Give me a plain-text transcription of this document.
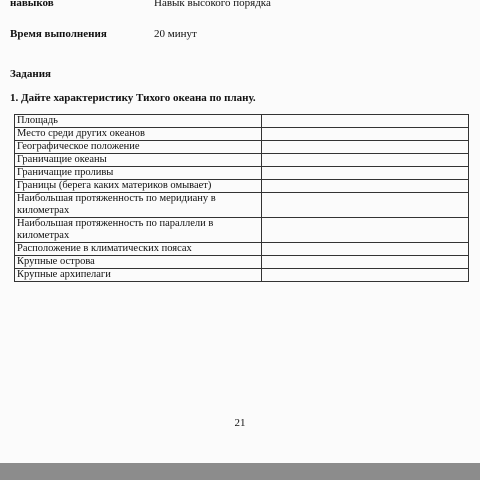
навыков	Навык высокого порядка
Время выполнения	20 минут
Задания
1. Дайте характеристику Тихого океана по плану.
Площадь	
Место среди других океанов	
Географическое положение	
Граничащие океаны	
Граничащие проливы	
Границы (берега каких материков омывает)	
Наибольшая протяженность по меридиану в километрах	
Наибольшая протяженность по параллели в километрах	
Расположение в климатических поясах	
Крупные острова	
Крупные архипелаги	
21
